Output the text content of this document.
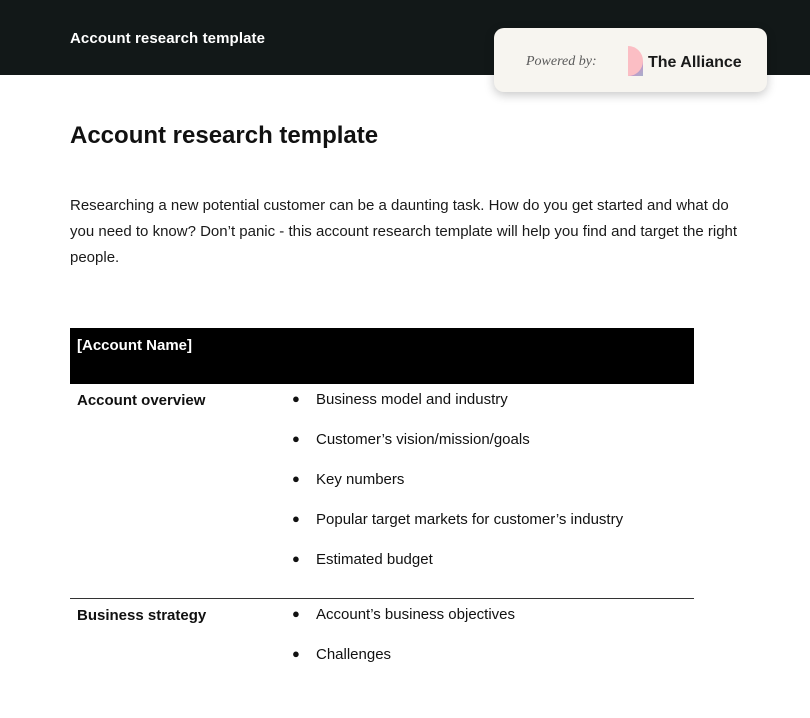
Account research template
Powered by:	The Alliance
Account research template

Researching a new potential customer can be a daunting task. How do you get started and what do you need to know? Don’t panic - this account research template will help you find and target the right people.

[Account Name]
Account overview	● Business model and industry
● Customer’s vision/mission/goals
● Key numbers
● Popular target markets for customer’s industry
● Estimated budget
Business strategy	● Account’s business objectives
● Challenges
